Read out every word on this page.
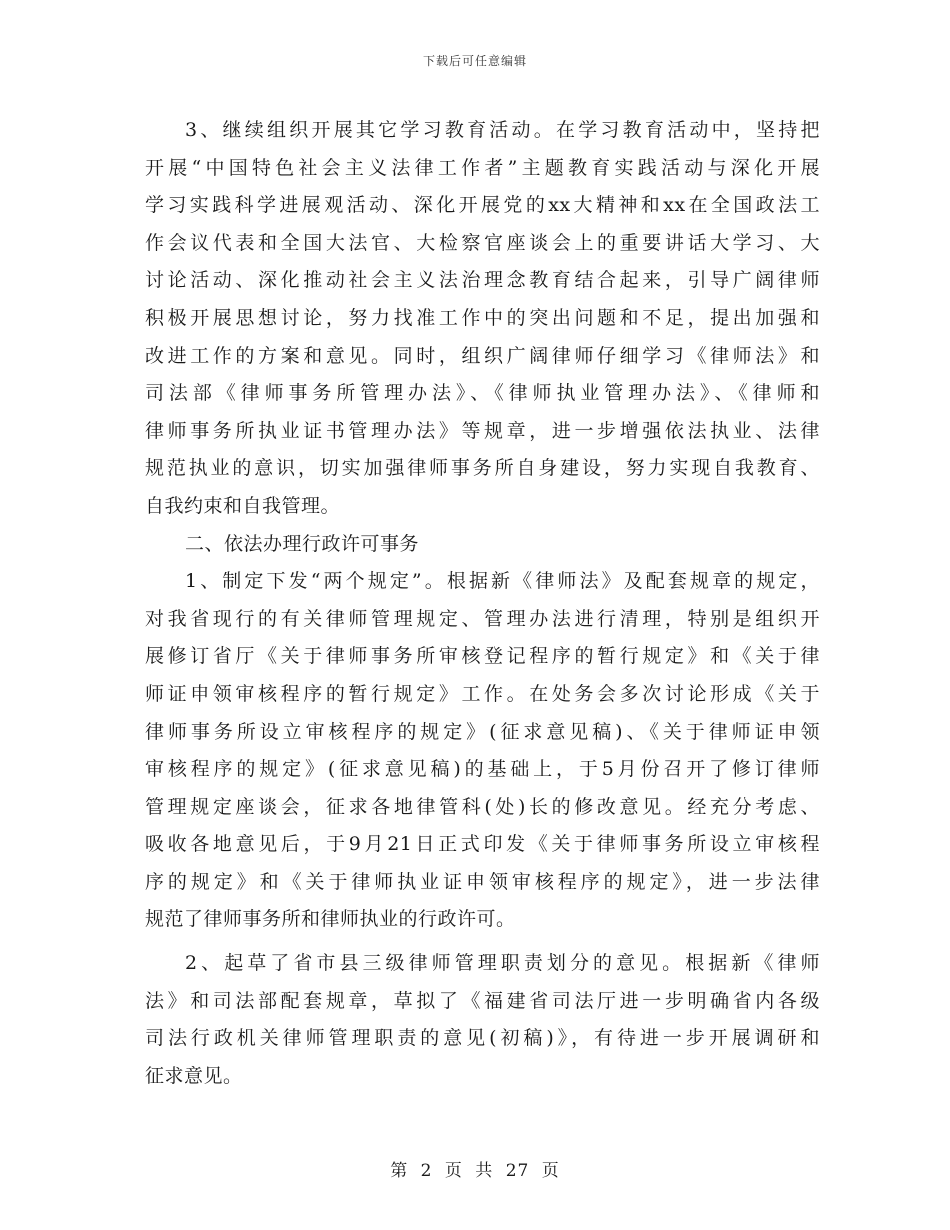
下载后可任意编辑
3、继续组织开展其它学习教育活动。在学习教育活动中，坚持把
开展“中国特色社会主义法律工作者”主题教育实践活动与深化开展
学习实践科学进展观活动、深化开展党的xx大精神和xx在全国政法工
作会议代表和全国大法官、大检察官座谈会上的重要讲话大学习、大
讨论活动、深化推动社会主义法治理念教育结合起来，引导广阔律师
积极开展思想讨论，努力找准工作中的突出问题和不足，提出加强和
改进工作的方案和意见。同时，组织广阔律师仔细学习《律师法》和
司法部《律师事务所管理办法》、《律师执业管理办法》、《律师和
律师事务所执业证书管理办法》等规章，进一步增强依法执业、法律
规范执业的意识，切实加强律师事务所自身建设，努力实现自我教育、
自我约束和自我管理。
二、依法办理行政许可事务
1、制定下发“两个规定”。根据新《律师法》及配套规章的规定，
对我省现行的有关律师管理规定、管理办法进行清理，特别是组织开
展修订省厅《关于律师事务所审核登记程序的暂行规定》和《关于律
师证申领审核程序的暂行规定》工作。在处务会多次讨论形成《关于
律师事务所设立审核程序的规定》(征求意见稿)、《关于律师证申领
审核程序的规定》(征求意见稿)的基础上，于5月份召开了修订律师
管理规定座谈会，征求各地律管科(处)长的修改意见。经充分考虑、
吸收各地意见后，于9月21日正式印发《关于律师事务所设立审核程
序的规定》和《关于律师执业证申领审核程序的规定》，进一步法律
规范了律师事务所和律师执业的行政许可。
2、起草了省市县三级律师管理职责划分的意见。根据新《律师
法》和司法部配套规章，草拟了《福建省司法厅进一步明确省内各级
司法行政机关律师管理职责的意见(初稿)》，有待进一步开展调研和
征求意见。
第 2 页 共 27 页
